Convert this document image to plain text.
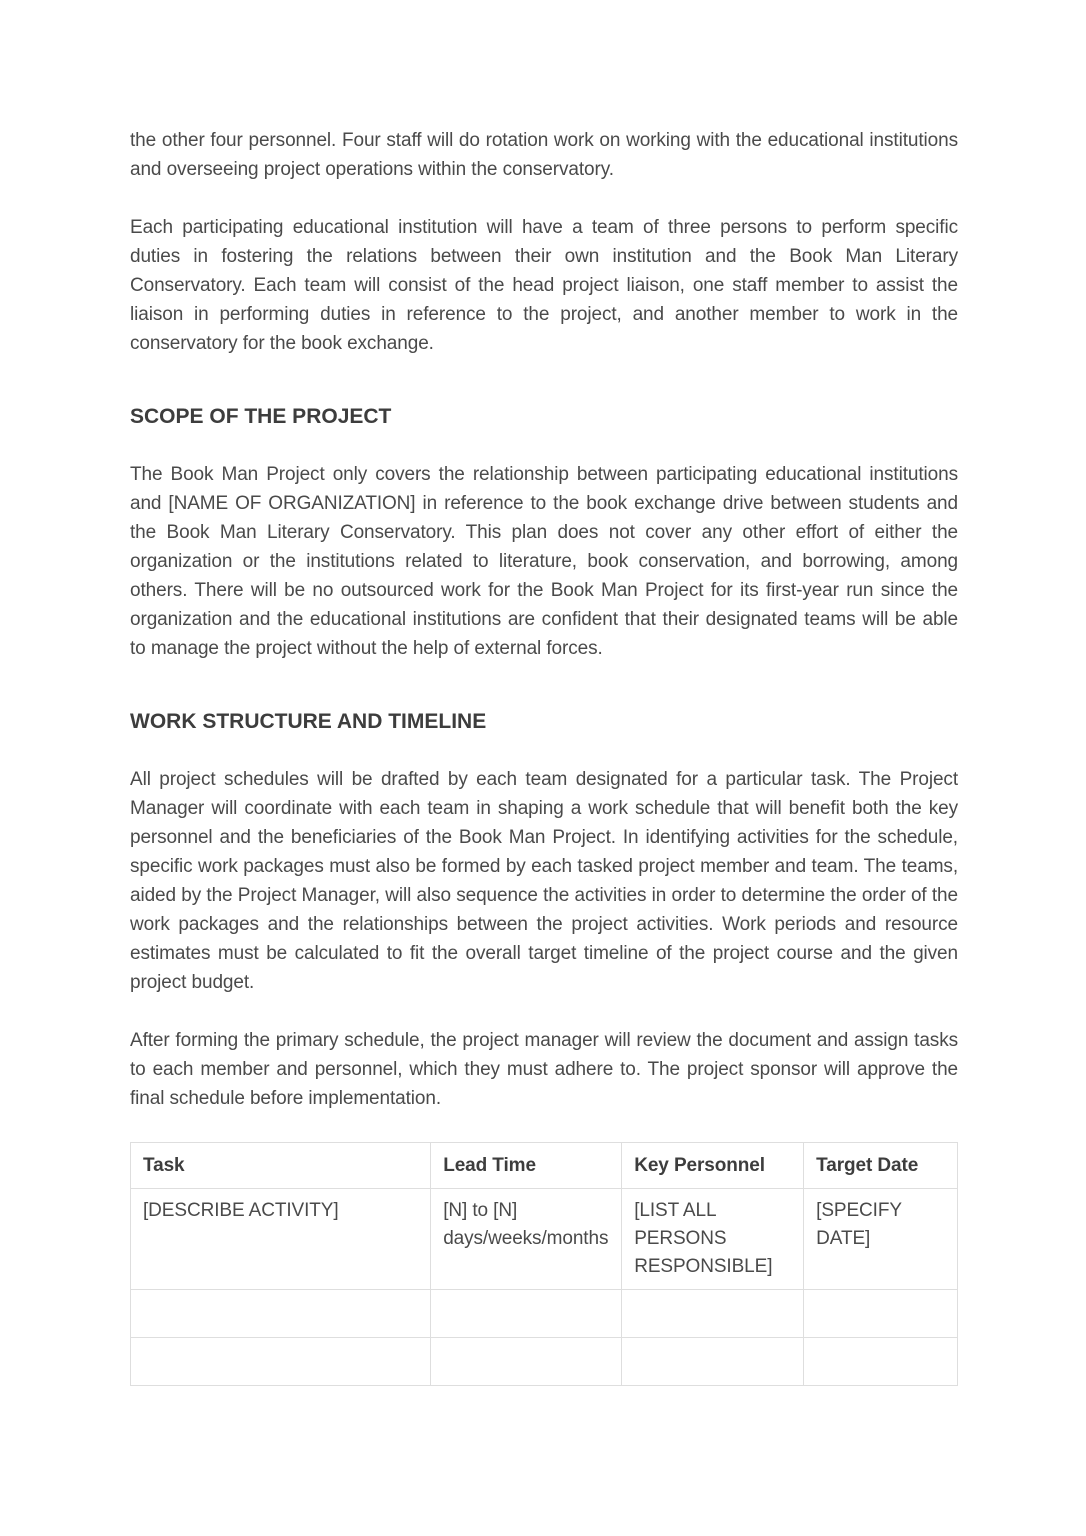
the other four personnel. Four staff will do rotation work on working with the educational institutions and overseeing project operations within the conservatory.

Each participating educational institution will have a team of three persons to perform specific duties in fostering the relations between their own institution and the Book Man Literary Conservatory. Each team will consist of the head project liaison, one staff member to assist the liaison in performing duties in reference to the project, and another member to work in the conservatory for the book exchange.

SCOPE OF THE PROJECT

The Book Man Project only covers the relationship between participating educational institutions and [NAME OF ORGANIZATION] in reference to the book exchange drive between students and the Book Man Literary Conservatory. This plan does not cover any other effort of either the organization or the institutions related to literature, book conservation, and borrowing, among others. There will be no outsourced work for the Book Man Project for its first-year run since the organization and the educational institutions are confident that their designated teams will be able to manage the project without the help of external forces.

WORK STRUCTURE AND TIMELINE

All project schedules will be drafted by each team designated for a particular task. The Project Manager will coordinate with each team in shaping a work schedule that will benefit both the key personnel and the beneficiaries of the Book Man Project. In identifying activities for the schedule, specific work packages must also be formed by each tasked project member and team. The teams, aided by the Project Manager, will also sequence the activities in order to determine the order of the work packages and the relationships between the project activities. Work periods and resource estimates must be calculated to fit the overall target timeline of the project course and the given project budget.

After forming the primary schedule, the project manager will review the document and assign tasks to each member and personnel, which they must adhere to. The project sponsor will approve the final schedule before implementation.

Task	Lead Time	Key Personnel	Target Date
[DESCRIBE ACTIVITY]	[N] to [N] days/weeks/months	[LIST ALL PERSONS RESPONSIBLE]	[SPECIFY DATE]
